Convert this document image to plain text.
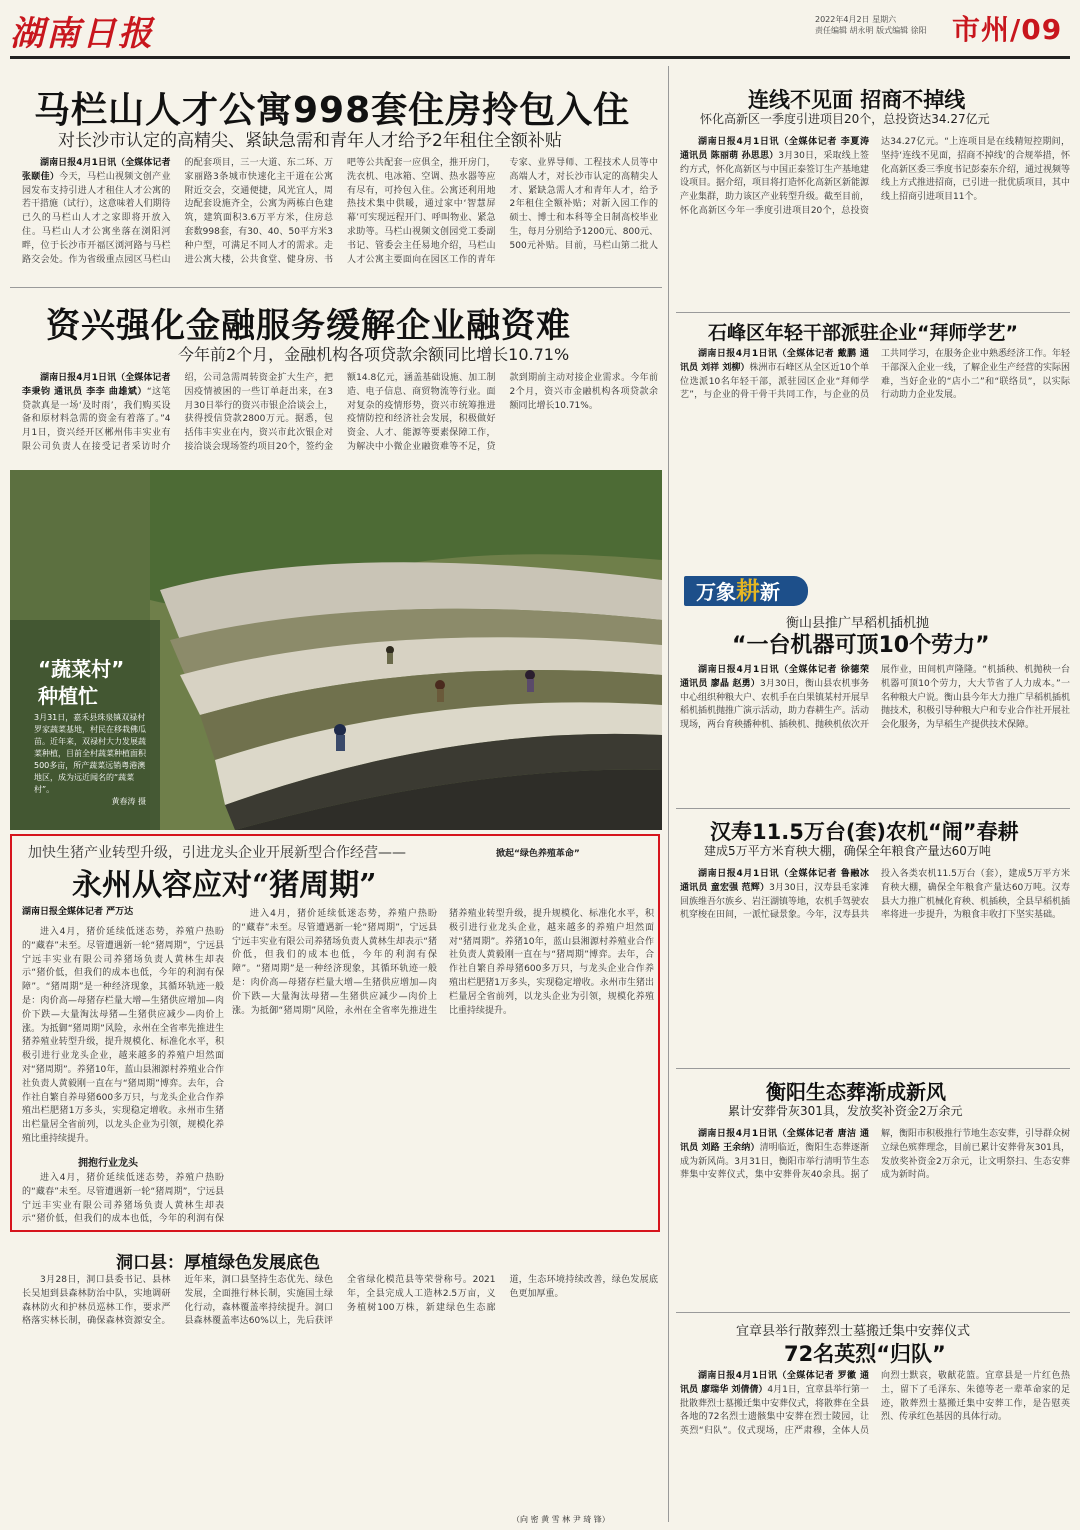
湖南日报	2022年4月2日 星期六
责任编辑 胡永明 版式编辑 徐阳 市州/09
马栏山人才公寓998套住房拎包入住
对长沙市认定的高精尖、紧缺急需和青年人才给予2年租住全额补贴

湖南日报4月1日讯（全媒体记者 张颐佳）今天，马栏山视频文创产业园发布支持引进人才租住人才公寓的若干措施（试行），这意味着人们期待已久的马栏山人才之家即将开放入住。马栏山人才公寓坐落在浏阳河畔，位于长沙市开福区浏河路与马栏路交会处。作为省级重点园区马栏山的配套项目，三一大道、东二环、万家丽路3条城市快速化主干道在公寓附近交会，交通便捷，风光宜人，周边配套设施齐全，公寓为两栋白色建筑，建筑面积3.6万平方米，住房总套数998套，有30、40、50平方米3种户型，可满足不同人才的需求。走进公寓大楼，公共食堂、健身房、书吧等公共配套一应俱全，推开房门，洗衣机、电冰箱、空调、热水器等应有尽有，可拎包入住。公寓还利用地热技术集中供暖，通过家中‘智慧屏幕’可实现远程开门、呼叫物业、紧急求助等。马栏山视频文创园党工委副书记、管委会主任易地介绍，马栏山人才公寓主要面向在园区工作的青年专家、业界导师、工程技术人员等中高端人才，对长沙市认定的高精尖人才、紧缺急需人才和青年人才，给予2年租住全额补贴；对新入园工作的硕士、博士和本科等全日制高校毕业生，每月分别给予1200元、800元、500元补贴。目前，马栏山第二批人

资兴强化金融服务缓解企业融资难
今年前2个月，金融机构各项贷款余额同比增长10.71%

湖南日报4月1日讯（全媒体记者 李秉钧 通讯员 李李 曲雄斌）“这笔贷款真是一场‘及时雨’，我们购买设备和原材料急需的资金有着落了。”4月1日，资兴经开区郴州伟丰实业有限公司负责人在接受记者采访时介绍，公司急需周转资金扩大生产，把因疫情被困的一些订单赶出来，在3月30日举行的资兴市银企洽谈会上，获得授信贷款2800万元。据悉，包括伟丰实业在内，资兴市此次银企对接洽谈会现场签约项目20个，签约金额14.8亿元，涵盖基础设施、加工制造、电子信息、商贸物流等行业。面对复杂的疫情形势，资兴市统筹推进疫情防控和经济社会发展，积极做好资金、人才、能源等要素保障工作，为解决中小微企业融资难等不足，贷款到期前主动对接企业需求。今年前2个月，资兴市金融机构各项贷款余额同比增长10.71%。

“蔬菜村”
种植忙
3月31日，嘉禾县珠泉镇双禄村罗家蔬菜基地，村民在移栽佛瓜苗。近年来，双禄村大力发展蔬菜种植，目前全村蔬菜种植面积500多亩，所产蔬菜远销粤港澳地区，成为远近闻名的“蔬菜村”。
黄春涛 摄
加快生猪产业转型升级，引进龙头企业开展新型合作经营——
永州从容应对“猪周期”
掀起“绿色养殖革命”
湖南日报全媒体记者 严万达

进入4月，猪价延续低迷态势，养殖户热盼的“藏春”未至。尽管遭遇新一轮“猪周期”，宁远县宁远丰实业有限公司养猪场负责人黄林生却表示“猪价低，但我们的成本也低，今年的利润有保障”。“猪周期”是一种经济现象，其循环轨迹一般是：肉价高—母猪存栏量大增—生猪供应增加—肉价下跌—大量淘汰母猪—生猪供应减少—肉价上涨。为抵御“猪周期”风险，永州在全省率先推进生猪养殖业转型升级，提升规模化、标准化水平，积极引进行业龙头企业，越来越多的养殖户坦然面对“猪周期”。养猪10年，蓝山县湘源村养殖业合作社负责人黄毅刚一直在与“猪周期”博弈。去年，合作社自繁自养母猪600多万只，与龙头企业合作养殖出栏肥猪1万多头，实现稳定增收。永州市生猪出栏量居全省前列，以龙头企业为引领，规模化养殖比重持续提升。

拥抱行业龙头

进入4月，猪价延续低迷态势，养殖户热盼的“藏春”未至。尽管遭遇新一轮“猪周期”，宁远县宁远丰实业有限公司养猪场负责人黄林生却表示“猪价低，但我们的成本也低，今年的利润有保

进入4月，猪价延续低迷态势，养殖户热盼的“藏春”未至。尽管遭遇新一轮“猪周期”，宁远县宁远丰实业有限公司养猪场负责人黄林生却表示“猪价低，但我们的成本也低，今年的利润有保障”。“猪周期”是一种经济现象，其循环轨迹一般是：肉价高—母猪存栏量大增—生猪供应增加—肉价下跌—大量淘汰母猪—生猪供应减少—肉价上涨。为抵御“猪周期”风险，永州在全省率先推进生猪养殖业转型升级，提升规模化、标准化水平，积极引进行业龙头企业，越来越多的养殖户坦然面对“猪周期”。养猪10年，蓝山县湘源村养殖业合作社负责人黄毅刚一直在与“猪周期”博弈。去年，合作社自繁自养母猪600多万只，与龙头企业合作养殖出栏肥猪1万多头，实现稳定增收。永州市生猪出栏量居全省前列，以龙头企业为引领，规模化养殖比重持续提升。

洞口县：厚植绿色发展底色

3月28日，洞口县委书记、县林长吴旭到县森林防治中队，实地调研森林防火和护林员巡林工作，要求严格落实林长制，确保森林资源安全。近年来，洞口县坚持生态优先、绿色发展，全面推行林长制，实施国土绿化行动，森林覆盖率持续提升。洞口县森林覆盖率达60%以上，先后获评全省绿化模范县等荣誉称号。2021年，全县完成人工造林2.5万亩，义务植树100万株，新建绿色生态廊道，生态环境持续改善，绿色发展底色更加厚重。

（向 密 黄 雪 林 尹 琦 锋）
连线不见面 招商不掉线
怀化高新区一季度引进项目20个，总投资达34.27亿元

湖南日报4月1日讯（全媒体记者 李夏涛 通讯员 陈丽萌 孙思思）3月30日，采取线上签约方式，怀化高新区与中国正泰签订生产基地建设项目。据介绍，项目将打造怀化高新区新能源产业集群，助力该区产业转型升级。截至目前，怀化高新区今年一季度引进项目20个，总投资达34.27亿元。“上连项目是在线精短控期间，坚持‘连线不见面，招商不掉线’的合规举措，怀化高新区委三季度书记彭泰东介绍，通过视频等线上方式推进招商，已引进一批优质项目，其中线上招商引进项目11个。

石峰区年轻干部派驻企业“拜师学艺”

湖南日报4月1日讯（全媒体记者 戴鹏 通讯员 刘祥 刘柳）株洲市石峰区从全区近10个单位选派10名年轻干部，派驻园区企业“拜师学艺”，与企业的骨干骨干共同工作，与企业的员工共同学习，在服务企业中熟悉经济工作。年轻干部深入企业一线，了解企业生产经营的实际困难，当好企业的“店小二”和“联络员”，以实际行动助力企业发展。

万象耕新
衡山县推广早稻机插机抛
“一台机器可顶10个劳力”

湖南日报4月1日讯（全媒体记者 徐德荣 通讯员 廖晶 赵勇）3月30日，衡山县农机事务中心组织种粮大户、农机手在白果镇某村开展早稻机插机抛推广演示活动，助力春耕生产。活动现场，两台育秧播种机、插秧机、抛秧机依次开展作业，田间机声隆隆。“机插秧、机抛秧一台机器可顶10个劳力，大大节省了人力成本。”一名种粮大户说。衡山县今年大力推广早稻机插机抛技术，积极引导种粮大户和专业合作社开展社会化服务，为早稻生产提供技术保障。

汉寿11.5万台(套)农机“闹”春耕
建成5万平方米育秧大棚，确保全年粮食产量达60万吨

湖南日报4月1日讯（全媒体记者 鲁融冰 通讯员 童宏强 范辉）3月30日，汉寿县毛家滩回族维吾尔族乡、岩汪湖镇等地，农机手驾驶农机穿梭在田间，一派忙碌景象。今年，汉寿县共投入各类农机11.5万台（套），建成5万平方米育秧大棚，确保全年粮食产量达60万吨。汉寿县大力推广机械化育秧、机插秧，全县早稻机插率将进一步提升，为粮食丰收打下坚实基础。

衡阳生态葬渐成新风
累计安葬骨灰301具，发放奖补资金2万余元

湖南日报4月1日讯（全媒体记者 唐洁 通讯员 刘路 王余纳）清明临近，衡阳生态葬逐渐成为新风尚。3月31日，衡阳市举行清明节生态葬集中安葬仪式，集中安葬骨灰40余具。据了解，衡阳市积极推行节地生态安葬，引导群众树立绿色殡葬理念，目前已累计安葬骨灰301具，发放奖补资金2万余元，让文明祭扫、生态安葬成为新时尚。

宜章县举行散葬烈士墓搬迁集中安葬仪式
72名英烈“归队”

湖南日报4月1日讯（全媒体记者 罗徽 通讯员 廖瑞华 刘倩倩）4月1日，宜章县举行第一批散葬烈士墓搬迁集中安葬仪式，将散葬在全县各地的72名烈士遗骸集中安葬在烈士陵园，让英烈“归队”。仪式现场，庄严肃穆，全体人员向烈士默哀，敬献花篮。宜章县是一片红色热土，留下了毛泽东、朱德等老一辈革命家的足迹，散葬烈士墓搬迁集中安葬工作，是告慰英烈、传承红色基因的具体行动。
